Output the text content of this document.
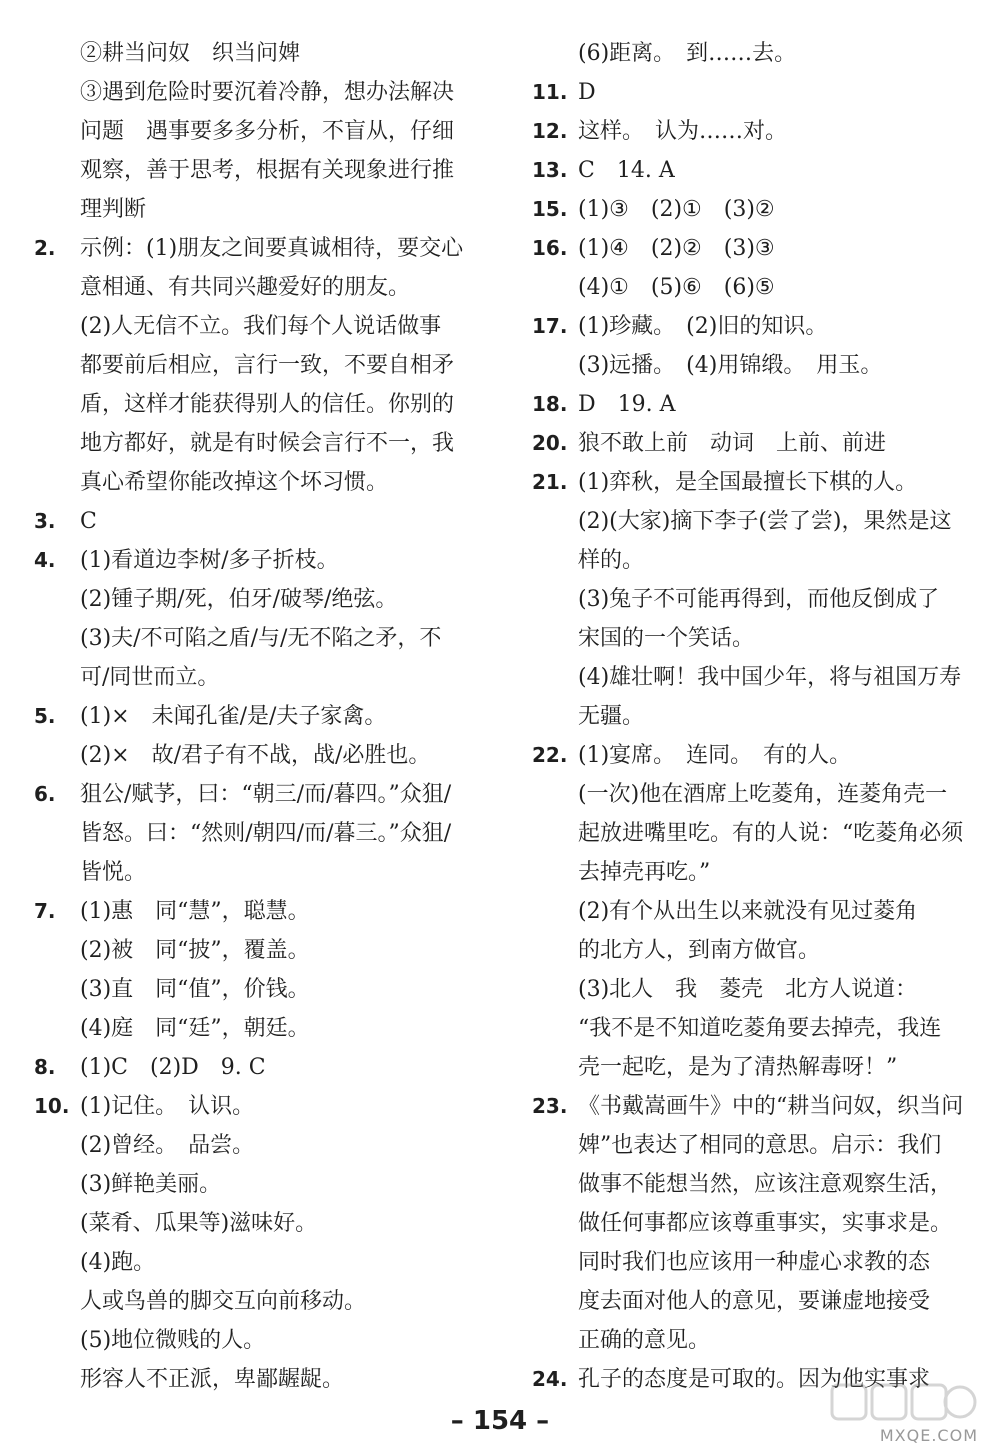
②耕当问奴　织当问婢
③遇到危险时要沉着冷静，想办法解决
问题　遇事要多多分析，不盲从，仔细
观察，善于思考，根据有关现象进行推
理判断
2. 示例：(1)朋友之间要真诚相待，要交心
意相通、有共同兴趣爱好的朋友。
(2)人无信不立。我们每个人说话做事
都要前后相应，言行一致，不要自相矛
盾，这样才能获得别人的信任。你别的
地方都好，就是有时候会言行不一，我
真心希望你能改掉这个坏习惯。
3. C
4. (1)看道边李树/多子折枝。
(2)锺子期/死，伯牙/破琴/绝弦。
(3)夫/不可陷之盾/与/无不陷之矛，不
可/同世而立。
5. (1)×　未闻孔雀/是/夫子家禽。
(2)×　故/君子有不战，战/必胜也。
6. 狙公/赋芧，曰：“朝三/而/暮四。”众狙/
皆怒。曰：“然则/朝四/而/暮三。”众狙/
皆悦。
7. (1)惠　同“慧”，聪慧。
(2)被　同“披”，覆盖。
(3)直　同“值”，价钱。
(4)庭　同“廷”，朝廷。
8. (1)C　(2)D　9. C
10. (1)记住。　认识。
(2)曾经。　品尝。
(3)鲜艳美丽。
(菜肴、瓜果等)滋味好。
(4)跑。
人或鸟兽的脚交互向前移动。
(5)地位微贱的人。
形容人不正派，卑鄙龌龊。
(6)距离。　到……去。
11. D
12. 这样。　认为……对。
13. C　14. A
15. (1)③　(2)①　(3)②
16. (1)④　(2)②　(3)③
(4)①　(5)⑥　(6)⑤
17. (1)珍藏。　(2)旧的知识。
(3)远播。　(4)用锦缎。　用玉。
18. D　19. A
20. 狼不敢上前　动词　上前、前进
21. (1)弈秋，是全国最擅长下棋的人。
(2)(大家)摘下李子(尝了尝)，果然是这
样的。
(3)兔子不可能再得到，而他反倒成了
宋国的一个笑话。
(4)雄壮啊！我中国少年，将与祖国万寿
无疆。
22. (1)宴席。　连同。　有的人。
(一次)他在酒席上吃菱角，连菱角壳一
起放进嘴里吃。有的人说：“吃菱角必须
去掉壳再吃。”
(2)有个从出生以来就没有见过菱角
的北方人，到南方做官。
(3)北人　我　菱壳　北方人说道：
“我不是不知道吃菱角要去掉壳，我连
壳一起吃，是为了清热解毒呀！”
23. 《书戴嵩画牛》中的“耕当问奴，织当问
婢”也表达了相同的意思。启示：我们
做事不能想当然，应该注意观察生活，
做任何事都应该尊重事实，实事求是。
同时我们也应该用一种虚心求教的态
度去面对他人的意见，要谦虚地接受
正确的意见。
24. 孔子的态度是可取的。因为他实事求
– 154 –	MXQE.COM
